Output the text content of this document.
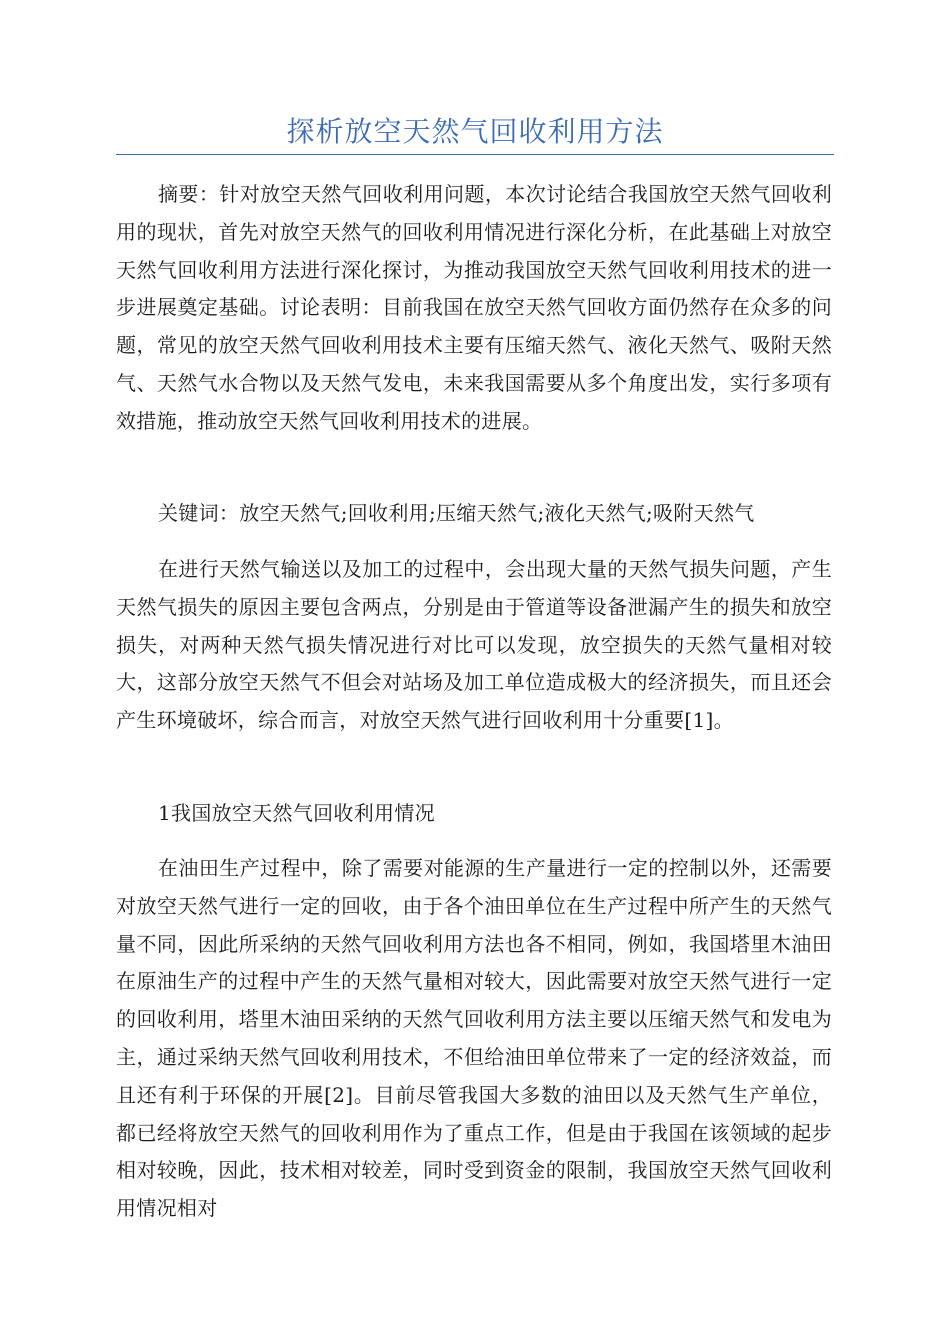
探析放空天然气回收利用方法

摘要：针对放空天然气回收利用问题，本次讨论结合我国放空天然气回收利用的现状，首先对放空天然气的回收利用情况进行深化分析，在此基础上对放空天然气回收利用方法进行深化探讨，为推动我国放空天然气回收利用技术的进一步进展奠定基础。讨论表明：目前我国在放空天然气回收方面仍然存在众多的问题，常见的放空天然气回收利用技术主要有压缩天然气、液化天然气、吸附天然气、天然气水合物以及天然气发电，未来我国需要从多个角度出发，实行多项有效措施，推动放空天然气回收利用技术的进展。

关键词：放空天然气;回收利用;压缩天然气;液化天然气;吸附天然气

在进行天然气输送以及加工的过程中，会出现大量的天然气损失问题，产生天然气损失的原因主要包含两点，分别是由于管道等设备泄漏产生的损失和放空损失，对两种天然气损失情况进行对比可以发现，放空损失的天然气量相对较大，这部分放空天然气不但会对站场及加工单位造成极大的经济损失，而且还会产生环境破坏，综合而言，对放空天然气进行回收利用十分重要[1]。

1我国放空天然气回收利用情况

在油田生产过程中，除了需要对能源的生产量进行一定的控制以外，还需要对放空天然气进行一定的回收，由于各个油田单位在生产过程中所产生的天然气量不同，因此所采纳的天然气回收利用方法也各不相同，例如，我国塔里木油田在原油生产的过程中产生的天然气量相对较大，因此需要对放空天然气进行一定的回收利用，塔里木油田采纳的天然气回收利用方法主要以压缩天然气和发电为主，通过采纳天然气回收利用技术，不但给油田单位带来了一定的经济效益，而且还有利于环保的开展[2]。目前尽管我国大多数的油田以及天然气生产单位，都已经将放空天然气的回收利用作为了重点工作，但是由于我国在该领域的起步相对较晚，因此，技术相对较差，同时受到资金的限制，我国放空天然气回收利用情况相对
